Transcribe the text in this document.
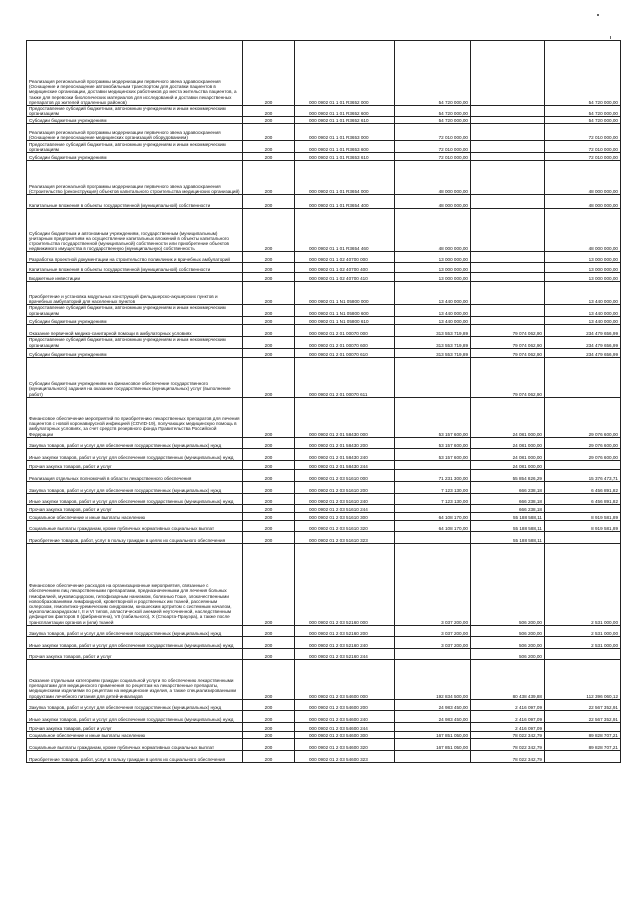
Реализация региональной программы модернизации первичного звена здравоохранения (Оснащение и переоснащение автомобильным транспортом для доставки пациентов в медицинские организации, доставки медицинских работников до места жительства пациентов, а также для перевозки биологических материалов для исследований и доставки лекарственных препаратов до жителей отдаленных районов)	200	000 0902 01 1 01 R3652 000	54 720 000,00		54 720 000,00
Предоставление субсидий бюджетным, автономным учреждениям и иным некоммерческим организациям	200	000 0902 01 1 01 R3652 600	54 720 000,00		54 720 000,00
Субсидии бюджетным учреждениям	200	000 0902 01 1 01 R3652 610	54 720 000,00		54 720 000,00
Реализация региональной программы модернизации первичного звена здравоохранения (Оснащение и переоснащение медицинских организаций оборудованием)	200	000 0902 01 1 01 R3653 000	72 010 000,00		72 010 000,00
Предоставление субсидий бюджетным, автономным учреждениям и иным некоммерческим организациям	200	000 0902 01 1 01 R3653 600	72 010 000,00		72 010 000,00
Субсидии бюджетным учреждениям	200	000 0902 01 1 01 R3653 610	72 010 000,00		72 010 000,00
Реализация региональной программы модернизации первичного звена здравоохранения (Строительство (реконструкция) объектов капитального строительства медицинских организаций)	200	000 0902 01 1 01 R3654 000	48 000 000,00		48 000 000,00
Капитальные вложения в объекты государственной (муниципальной) собственности	200	000 0902 01 1 01 R3654 400	48 000 000,00		48 000 000,00
Субсидии бюджетным и автономным учреждениям, государственным (муниципальным) унитарным предприятиям на осуществление капитальных вложений в объекты капитального строительства государственной (муниципальной) собственности или приобретение объектов недвижимого имущества в государственную (муниципальную) собственность	200	000 0902 01 1 01 R3654 460	48 000 000,00		48 000 000,00
Разработка проектной документации на строительство поликлиник и врачебных амбулаторий	200	000 0902 01 1 02 40700 000	13 000 000,00		13 000 000,00
Капитальные вложения в объекты государственной (муниципальной) собственности	200	000 0902 01 1 02 40700 400	13 000 000,00		13 000 000,00
Бюджетные инвестиции	200	000 0902 01 1 02 40700 410	13 000 000,00		13 000 000,00
Приобретение и установка модульных конструкций фельдшерско-акушерских пунктов и врачебных амбулаторий для населенных пунктов	200	000 0902 01 1 N1 05800 000	13 440 000,00		13 440 000,00
Предоставление субсидий бюджетным, автономным учреждениям и иным некоммерческим организациям	200	000 0902 01 1 N1 05800 600	13 440 000,00		13 440 000,00
Субсидии бюджетным учреждениям	200	000 0902 01 1 N1 05800 610	13 440 000,00		13 440 000,00
Оказание первичной медико-санитарной помощи в амбулаторных условиях	200	000 0902 01 2 01 00070 000	313 553 719,89	79 074 062,90	234 479 656,99
Предоставление субсидий бюджетным, автономным учреждениям и иным некоммерческим организациям	200	000 0902 01 2 01 00070 600	313 553 719,89	79 074 062,90	234 479 656,99
Субсидии бюджетным учреждениям	200	000 0902 01 2 01 00070 610	313 553 719,89	79 074 062,90	234 479 656,99
Субсидии бюджетным учреждениям на финансовое обеспечение государственного (муниципального) задания на оказание государственных (муниципальных) услуг (выполнение работ)	200	000 0902 01 2 01 00070 611		79 074 062,90	
Финансовое обеспечение мероприятий по приобретению лекарственных препаратов для лечения пациентов с новой коронавирусной инфекцией (COVID-19), получающих медицинскую помощь в амбулаторных условиях, за счет средств резервного фонда Правительства Российской Федерации	200	000 0902 01 2 01 58430 000	53 157 600,00	24 081 000,00	29 076 600,00
Закупка товаров, работ и услуг для обеспечения государственных (муниципальных) нужд	200	000 0902 01 2 01 58430 200	53 157 600,00	24 081 000,00	29 076 600,00
Иные закупки товаров, работ и услуг для обеспечения государственных (муниципальных) нужд	200	000 0902 01 2 01 58430 240	53 157 600,00	24 081 000,00	29 076 600,00
Прочая закупка товаров, работ и услуг	200	000 0902 01 2 01 58430 244		24 081 000,00	
Реализация отдельных полномочий в области лекарственного обеспечения	200	000 0902 01 2 03 51610 000	71 231 300,00	55 854 826,29	15 376 473,71
Закупка товаров, работ и услуг для обеспечения государственных (муниципальных) нужд	200	000 0902 01 2 03 51610 200	7 123 130,00	666 238,18	6 456 891,82
Иные закупки товаров, работ и услуг для обеспечения государственных (муниципальных) нужд	200	000 0902 01 2 03 51610 240	7 123 130,00	666 238,18	6 456 891,82
Прочая закупка товаров, работ и услуг	200	000 0902 01 2 03 51610 244		666 238,18	
Социальное обеспечение и иные выплаты населению	200	000 0902 01 2 03 51610 300	64 108 170,00	55 188 588,11	8 919 581,89
Социальные выплаты гражданам, кроме публичных нормативных социальных выплат	200	000 0902 01 2 03 51610 320	64 108 170,00	55 188 588,11	8 919 581,89
Приобретение товаров, работ, услуг в пользу граждан в целях их социального обеспечения	200	000 0902 01 2 03 51610 323		55 188 588,11	
Финансовое обеспечение расходов на организационные мероприятия, связанные с обеспечением лиц лекарственными препаратами, предназначенными для лечения больных гемофилией, муковисцидозом, гипофизарным нанизмом, болезнью Гоше, злокачественными новообразованиями лимфоидной, кроветворной и родственных им тканей, рассеянным склерозом, гемолитико-уремическим синдромом, юношеским артритом с системным началом, мукополисахаридозом I, II и VI типов, апластической анемией неуточненной, наследственным дефицитом факторов II (фибриногена), VII (лабильного), X (Стюарта-Прауэра), а также после трансплантации органов и (или) тканей	200	000 0902 01 2 03 52160 000	3 037 200,00	506 200,00	2 531 000,00
Закупка товаров, работ и услуг для обеспечения государственных (муниципальных) нужд	200	000 0902 01 2 03 52160 200	3 037 200,00	506 200,00	2 531 000,00
Иные закупки товаров, работ и услуг для обеспечения государственных (муниципальных) нужд	200	000 0902 01 2 03 52160 240	3 037 200,00	506 200,00	2 531 000,00
Прочая закупка товаров, работ и услуг	200	000 0902 01 2 03 52160 244		506 200,00	
Оказание отдельным категориям граждан социальной услуги по обеспечению лекарственными препаратами для медицинского применения по рецептам на лекарственные препараты, медицинскими изделиями по рецептам на медицинские изделия, а также специализированными продуктами лечебного питания для детей-инвалидов	200	000 0902 01 2 03 54600 000	192 834 500,00	80 438 439,88	112 396 060,12
Закупка товаров, работ и услуг для обеспечения государственных (муниципальных) нужд	200	000 0902 01 2 03 54600 200	24 983 450,00	2 416 097,09	22 567 352,91
Иные закупки товаров, работ и услуг для обеспечения государственных (муниципальных) нужд	200	000 0902 01 2 03 54600 240	24 983 450,00	2 416 097,09	22 567 352,91
Прочая закупка товаров, работ и услуг	200	000 0902 01 2 03 54600 244		2 416 097,09	
Социальное обеспечение и иные выплаты населению	200	000 0902 01 2 03 54600 300	167 851 050,00	78 022 342,79	89 828 707,21
Социальные выплаты гражданам, кроме публичных нормативных социальных выплат	200	000 0902 01 2 03 54600 320	167 851 050,00	78 022 342,79	89 828 707,21
Приобретение товаров, работ, услуг в пользу граждан в целях их социального обеспечения	200	000 0902 01 2 03 54600 323		78 022 342,79	
